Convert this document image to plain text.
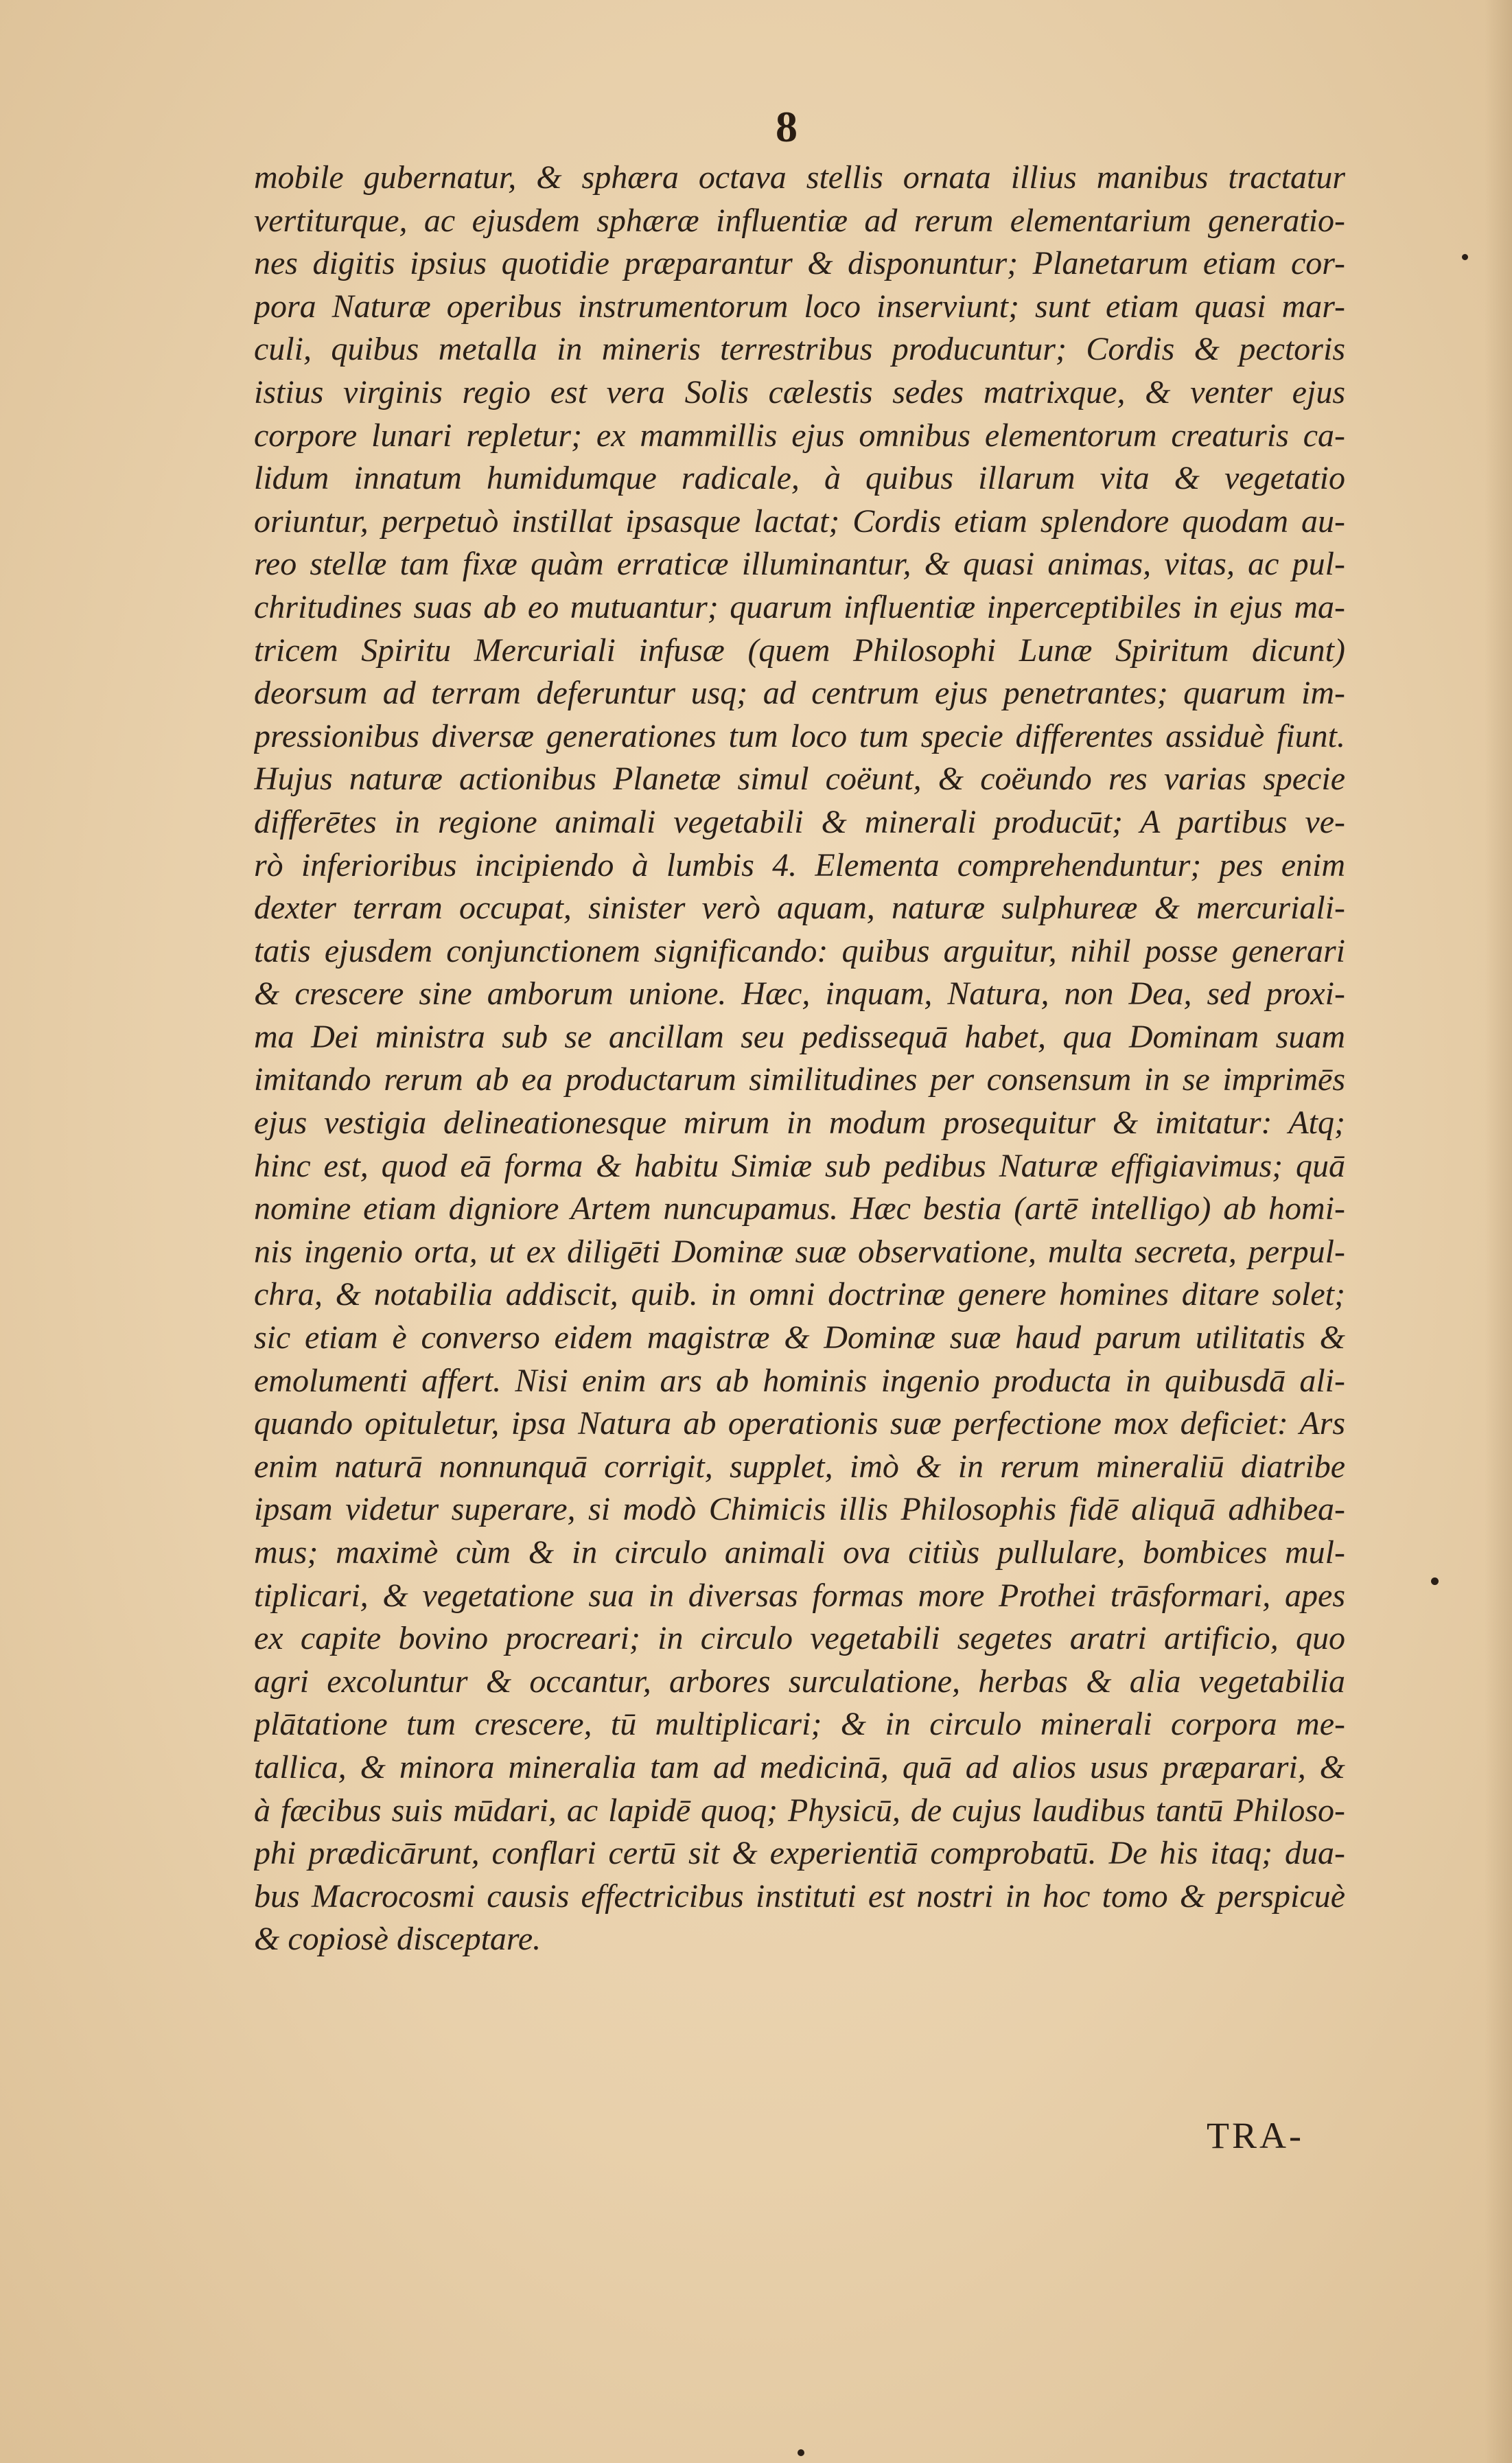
8
mobile gubernatur, & sphæra octava stellis ornata illius manibus tractatur
vertiturque, ac ejusdem sphæræ influentiæ ad rerum elementarium generatio-
nes digitis ipsius quotidie præparantur & disponuntur; Planetarum etiam cor-
pora Naturæ operibus instrumentorum loco inserviunt; sunt etiam quasi mar-
culi, quibus metalla in mineris terrestribus producuntur; Cordis & pectoris
istius virginis regio est vera Solis cælestis sedes matrixque, & venter ejus
corpore lunari repletur; ex mammillis ejus omnibus elementorum creaturis ca-
lidum innatum humidumque radicale, à quibus illarum vita & vegetatio
oriuntur, perpetuò instillat ipsasque lactat; Cordis etiam splendore quodam au-
reo stellæ tam fixæ quàm erraticæ illuminantur, & quasi animas, vitas, ac pul-
chritudines suas ab eo mutuantur; quarum influentiæ inperceptibiles in ejus ma-
tricem Spiritu Mercuriali infusæ (quem Philosophi Lunæ Spiritum dicunt)
deorsum ad terram deferuntur usq; ad centrum ejus penetrantes; quarum im-
pressionibus diversæ generationes tum loco tum specie differentes assiduè fiunt.
Hujus naturæ actionibus Planetæ simul coëunt, & coëundo res varias specie
differētes in regione animali vegetabili & minerali producūt; A partibus ve-
rò inferioribus incipiendo à lumbis 4. Elementa comprehenduntur; pes enim
dexter terram occupat, sinister verò aquam, naturæ sulphureæ & mercuriali-
tatis ejusdem conjunctionem significando: quibus arguitur, nihil posse generari
& crescere sine amborum unione. Hæc, inquam, Natura, non Dea, sed proxi-
ma Dei ministra sub se ancillam seu pedissequā habet, qua Dominam suam
imitando rerum ab ea productarum similitudines per consensum in se imprimēs
ejus vestigia delineationesque mirum in modum prosequitur & imitatur: Atq;
hinc est, quod eā forma & habitu Simiæ sub pedibus Naturæ effigiavimus; quā
nomine etiam digniore Artem nuncupamus. Hæc bestia (artē intelligo) ab homi-
nis ingenio orta, ut ex diligēti Dominæ suæ observatione, multa secreta, perpul-
chra, & notabilia addiscit, quib. in omni doctrinæ genere homines ditare solet;
sic etiam è converso eidem magistræ & Dominæ suæ haud parum utilitatis &
emolumenti affert. Nisi enim ars ab hominis ingenio producta in quibusdā ali-
quando opituletur, ipsa Natura ab operationis suæ perfectione mox deficiet: Ars
enim naturā nonnunquā corrigit, supplet, imò & in rerum mineraliū diatribe
ipsam videtur superare, si modò Chimicis illis Philosophis fidē aliquā adhibea-
mus; maximè cùm & in circulo animali ova citiùs pullulare, bombices mul-
tiplicari, & vegetatione sua in diversas formas more Prothei trāsformari, apes
ex capite bovino procreari; in circulo vegetabili segetes aratri artificio, quo
agri excoluntur & occantur, arbores surculatione, herbas & alia vegetabilia
plātatione tum crescere, tū multiplicari; & in circulo minerali corpora me-
tallica, & minora mineralia tam ad medicinā, quā ad alios usus præparari, &
à fæcibus suis mūdari, ac lapidē quoq; Physicū, de cujus laudibus tantū Philoso-
phi prædicārunt, conflari certū sit & experientiā comprobatū. De his itaq; dua-
bus Macrocosmi causis effectricibus instituti est nostri in hoc tomo & perspicuè
& copiosè disceptare.
TRA-
